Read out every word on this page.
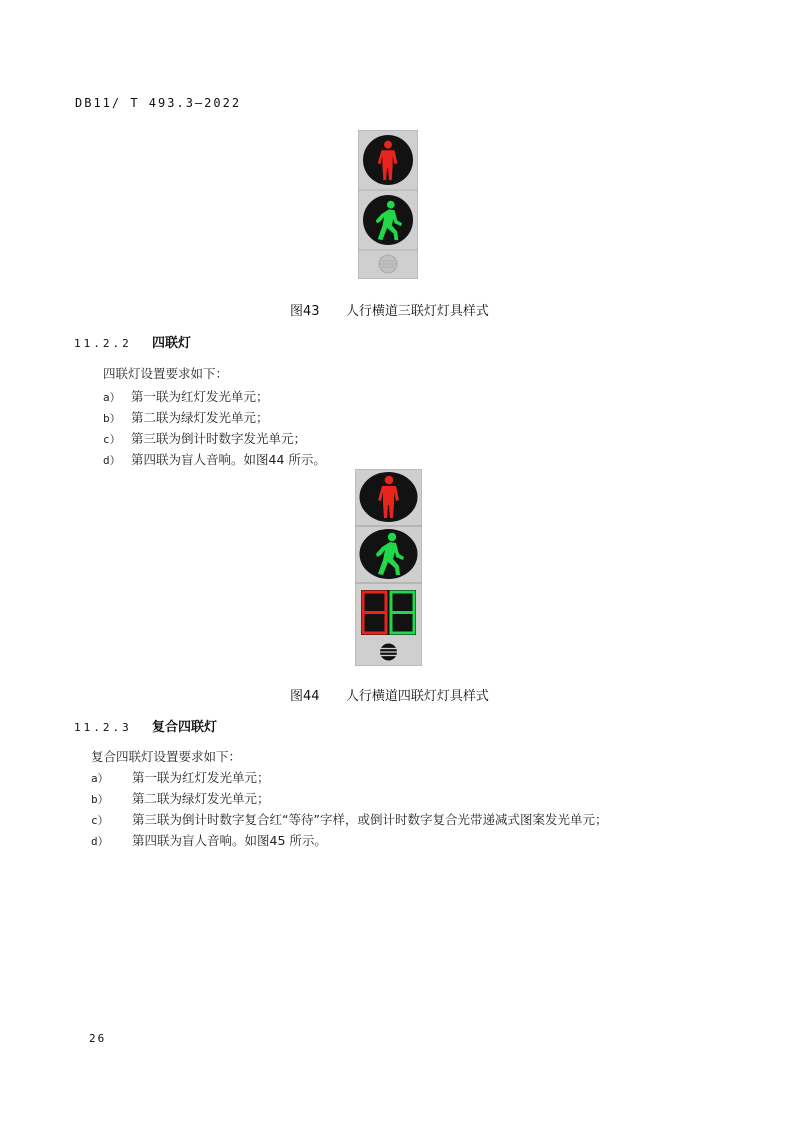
DB11/ T 493.3—2022
图43 人行横道三联灯灯具样式
11.2.2 四联灯
四联灯设置要求如下：
a） 第一联为红灯发光单元；
b） 第二联为绿灯发光单元；
c） 第三联为倒计时数字发光单元；
d） 第四联为盲人音响。如图44 所示。
图44 人行横道四联灯灯具样式
11.2.3 复合四联灯
复合四联灯设置要求如下：
a） 第一联为红灯发光单元；
b） 第二联为绿灯发光单元；
c） 第三联为倒计时数字复合红“等待”字样，或倒计时数字复合光带递减式图案发光单元；
d） 第四联为盲人音响。如图45 所示。
26
